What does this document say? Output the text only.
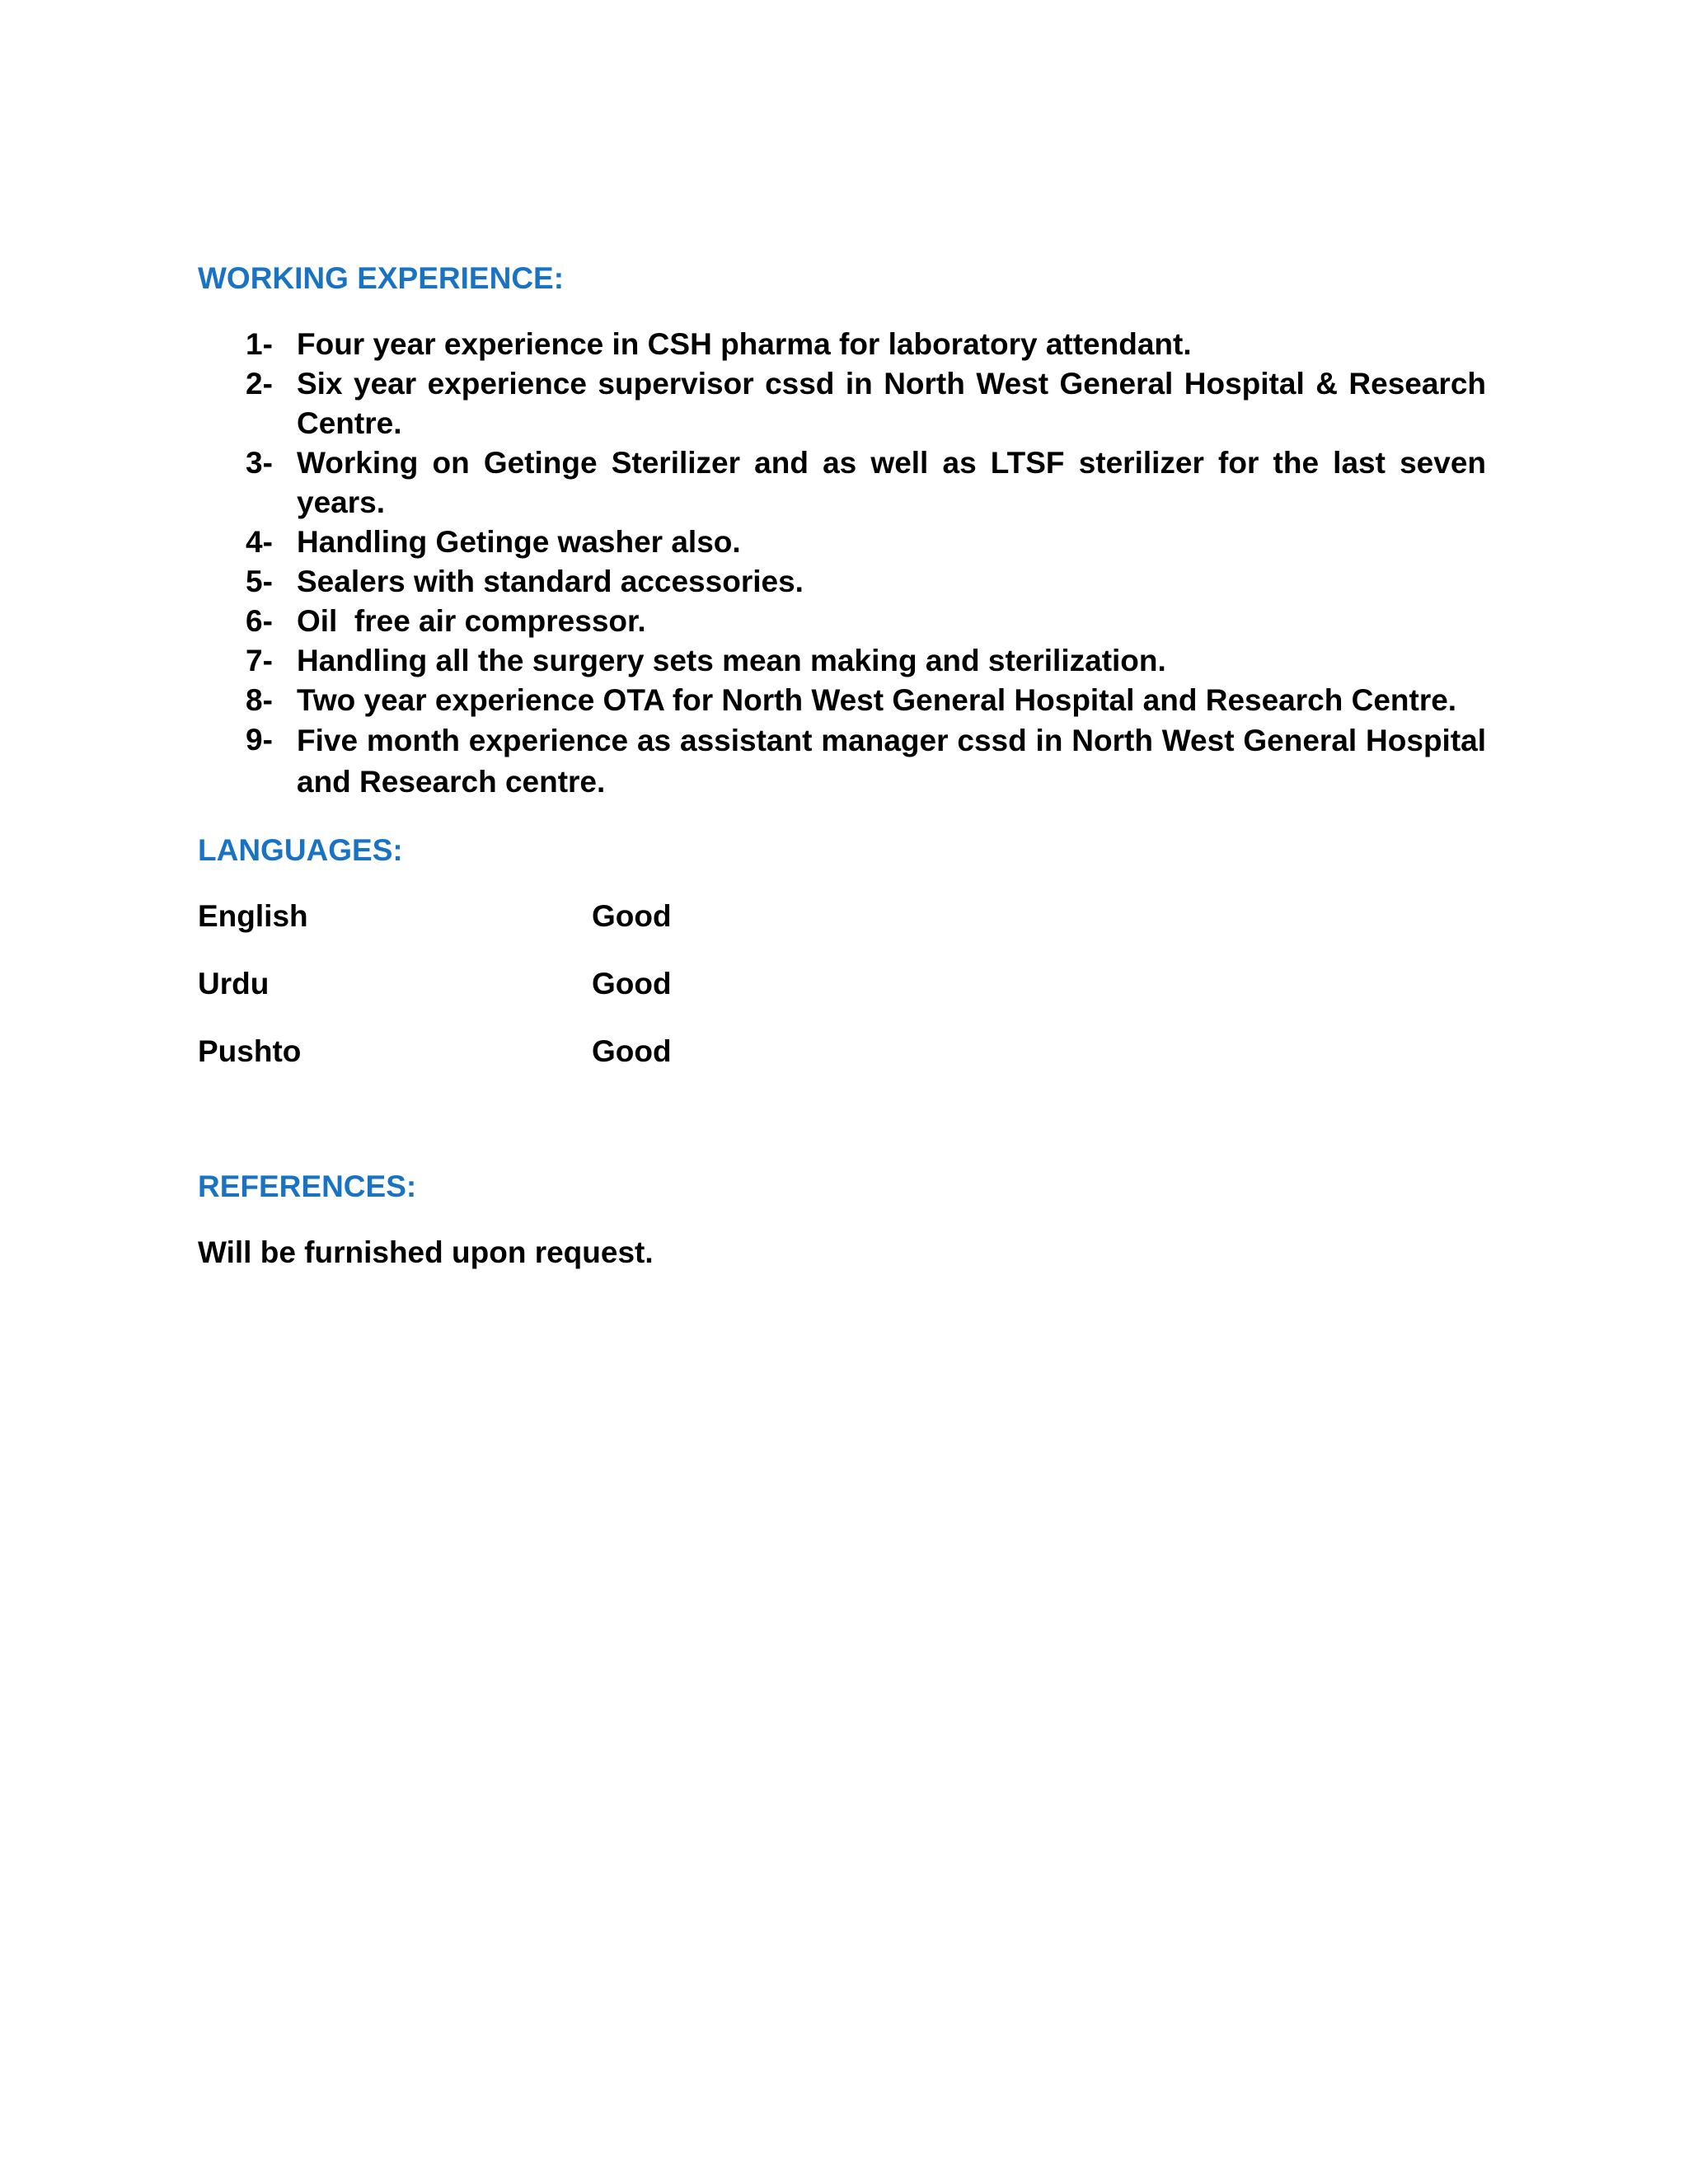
WORKING EXPERIENCE:
1- Four year experience in CSH pharma for laboratory attendant.
2- Six year experience supervisor cssd in North West General Hospital & Research Centre.
3- Working on Getinge Sterilizer and as well as LTSF sterilizer for the last seven years.
4- Handling Getinge washer also.
5- Sealers with standard accessories.
6- Oil  free air compressor.
7- Handling all the surgery sets mean making and sterilization.
8- Two year experience OTA for North West General Hospital and Research Centre.
9- Five month experience as assistant manager cssd in North West General Hospital and Research centre.
LANGUAGES:
English	Good
Urdu	Good
Pushto	Good
REFERENCES:

Will be furnished upon request.
